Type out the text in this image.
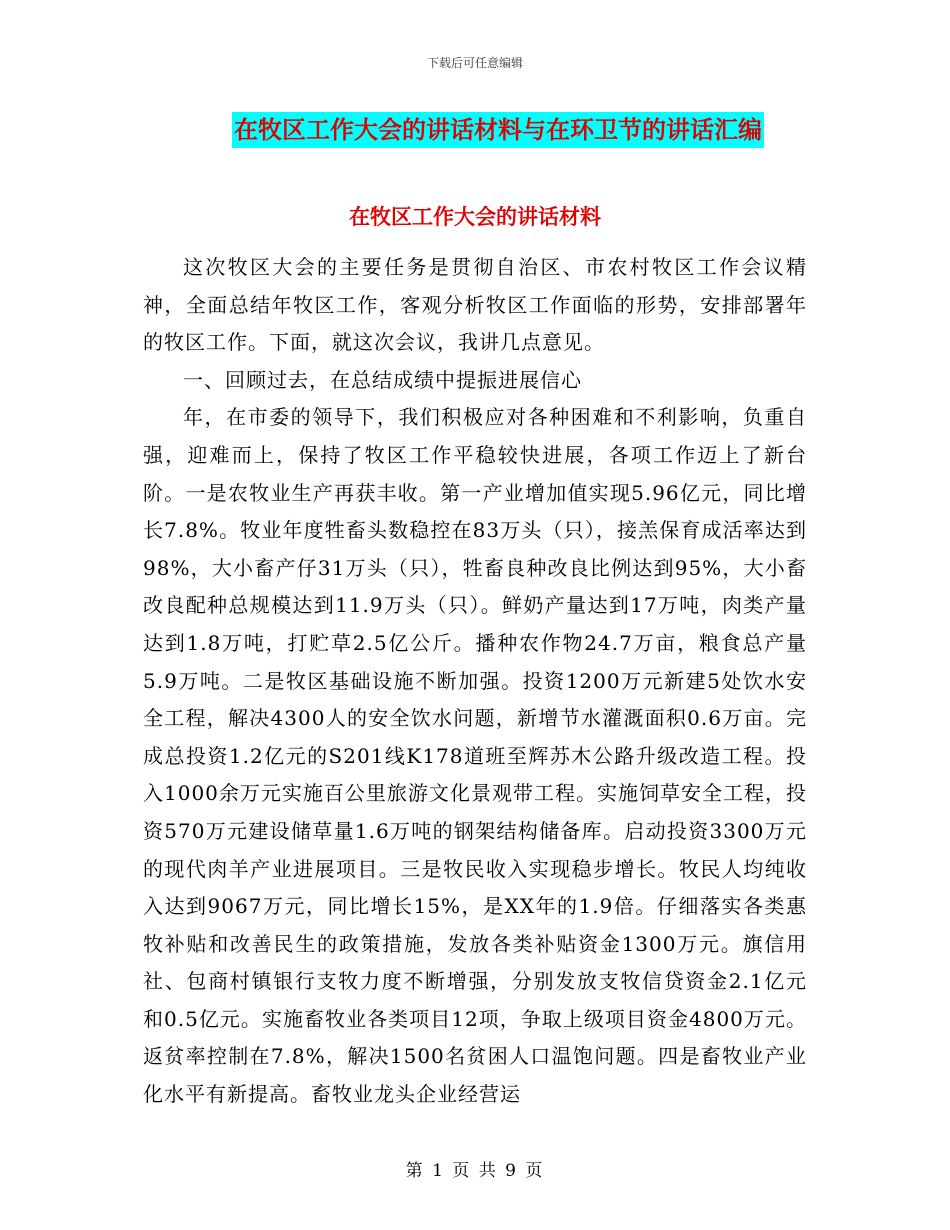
下载后可任意编辑
在牧区工作大会的讲话材料与在环卫节的讲话汇编
在牧区工作大会的讲话材料

这次牧区大会的主要任务是贯彻自治区、市农村牧区工作会议精神，全面总结年牧区工作，客观分析牧区工作面临的形势，安排部署年的牧区工作。下面，就这次会议，我讲几点意见。

一、回顾过去，在总结成绩中提振进展信心

年，在市委的领导下，我们积极应对各种困难和不利影响，负重自强，迎难而上，保持了牧区工作平稳较快进展，各项工作迈上了新台阶。一是农牧业生产再获丰收。第一产业增加值实现5.96亿元，同比增长7.8%。牧业年度牲畜头数稳控在83万头（只），接羔保育成活率达到98%，大小畜产仔31万头（只），牲畜良种改良比例达到95%，大小畜改良配种总规模达到11.9万头（只）。鲜奶产量达到17万吨，肉类产量达到1.8万吨，打贮草2.5亿公斤。播种农作物24.7万亩，粮食总产量5.9万吨。二是牧区基础设施不断加强。投资1200万元新建5处饮水安全工程，解决4300人的安全饮水问题，新增节水灌溉面积0.6万亩。完成总投资1.2亿元的S201线K178道班至辉苏木公路升级改造工程。投入1000余万元实施百公里旅游文化景观带工程。实施饲草安全工程，投资570万元建设储草量1.6万吨的钢架结构储备库。启动投资3300万元的现代肉羊产业进展项目。三是牧民收入实现稳步增长。牧民人均纯收入达到9067万元，同比增长15%，是XX年的1.9倍。仔细落实各类惠牧补贴和改善民生的政策措施，发放各类补贴资金1300万元。旗信用社、包商村镇银行支牧力度不断增强，分别发放支牧信贷资金2.1亿元和0.5亿元。实施畜牧业各类项目12项，争取上级项目资金4800万元。返贫率控制在7.8%，解决1500名贫困人口温饱问题。四是畜牧业产业化水平有新提高。畜牧业龙头企业经营运

第 1 页 共 9 页
